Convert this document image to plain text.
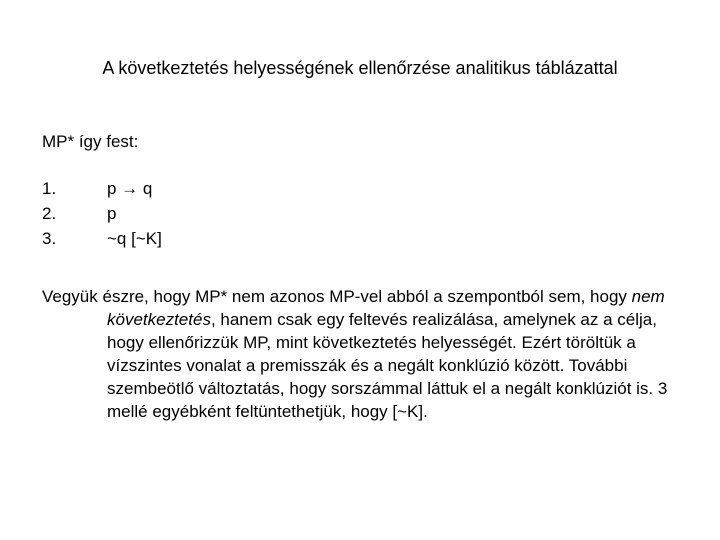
A következtetés helyességének ellenőrzése analitikus táblázattal
MP* így fest:
1.	p → q
2.	p
3.	~q [~K]
Vegyük észre, hogy MP* nem azonos MP-vel abból a szempontból sem, hogy nem következtetés, hanem csak egy feltevés realizálása, amelynek az a célja, hogy ellenőrizzük MP, mint következtetés helyességét. Ezért töröltük a vízszintes vonalat a premisszák és a negált konklúzió között. További szembeötlő változtatás, hogy sorszámmal láttuk el a negált konklúziót is. 3 mellé egyébként feltüntethetjük, hogy [~K].
